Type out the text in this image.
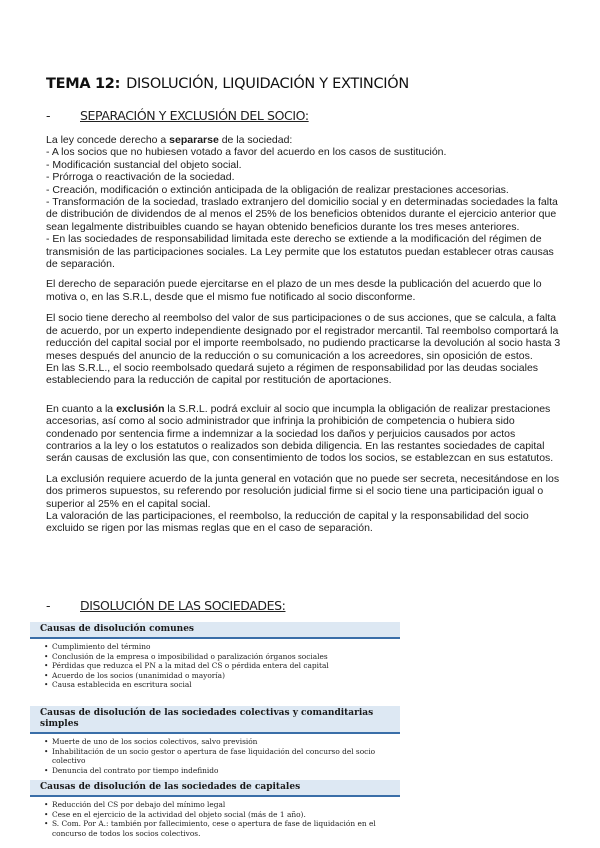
TEMA 12: DISOLUCIÓN, LIQUIDACIÓN Y EXTINCIÓN
- SEPARACIÓN Y EXCLUSIÓN DEL SOCIO:

La ley concede derecho a separarse de la sociedad:

- A los socios que no hubiesen votado a favor del acuerdo en los casos de sustitución.

- Modificación sustancial del objeto social.

- Prórroga o reactivación de la sociedad.

- Creación, modificación o extinción anticipada de la obligación de realizar prestaciones accesorias.

- Transformación de la sociedad, traslado extranjero del domicilio social y en determinadas sociedades la falta de distribución de dividendos de al menos el 25% de los beneficios obtenidos durante el ejercicio anterior que sean legalmente distribuibles cuando se hayan obtenido beneficios durante los tres meses anteriores.

- En las sociedades de responsabilidad limitada este derecho se extiende a la modificación del régimen de transmisión de las participaciones sociales. La Ley permite que los estatutos puedan establecer otras causas de separación.

El derecho de separación puede ejercitarse en el plazo de un mes desde la publicación del acuerdo que lo motiva o, en las S.R.L, desde que el mismo fue notificado al socio disconforme.

El socio tiene derecho al reembolso del valor de sus participaciones o de sus acciones, que se calcula, a falta de acuerdo, por un experto independiente designado por el registrador mercantil. Tal reembolso comportará la reducción del capital social por el importe reembolsado, no pudiendo practicarse la devolución al socio hasta 3 meses después del anuncio de la reducción o su comunicación a los acreedores, sin oposición de estos.

En las S.R.L., el socio reembolsado quedará sujeto a régimen de responsabilidad por las deudas sociales estableciendo para la reducción de capital por restitución de aportaciones.

En cuanto a la exclusión la S.R.L. podrá excluir al socio que incumpla la obligación de realizar prestaciones accesorias, así como al socio administrador que infrinja la prohibición de competencia o hubiera sido condenado por sentencia firme a indemnizar a la sociedad los daños y perjuicios causados por actos contrarios a la ley o los estatutos o realizados son debida diligencia. En las restantes sociedades de capital serán causas de exclusión las que, con consentimiento de todos los socios, se establezcan en sus estatutos.

La exclusión requiere acuerdo de la junta general en votación que no puede ser secreta, necesitándose en los dos primeros supuestos, su referendo por resolución judicial firme si el socio tiene una participación igual o superior al 25% en el capital social.

La valoración de las participaciones, el reembolso, la reducción de capital y la responsabilidad del socio excluido se rigen por las mismas reglas que en el caso de separación.

- DISOLUCIÓN DE LAS SOCIEDADES:
Causas de disolución comunes
• Cumplimiento del término
• Conclusión de la empresa o imposibilidad o paralización órganos sociales
• Pérdidas que reduzca el PN a la mitad del CS o pérdida entera del capital
• Acuerdo de los socios (unanimidad o mayoría)
• Causa establecida en escritura social
Causas de disolución de las sociedades colectivas y comanditarias simples
• Muerte de uno de los socios colectivos, salvo previsión
• Inhabilitación de un socio gestor o apertura de fase liquidación del concurso del socio colectivo
• Denuncia del contrato por tiempo indefinido
Causas de disolución de las sociedades de capitales
• Reducción del CS por debajo del mínimo legal
• Cese en el ejercicio de la actividad del objeto social (más de 1 año).
• S. Com. Por A.: también por fallecimiento, cese o apertura de fase de liquidación en el concurso de todos los socios colectivos.
